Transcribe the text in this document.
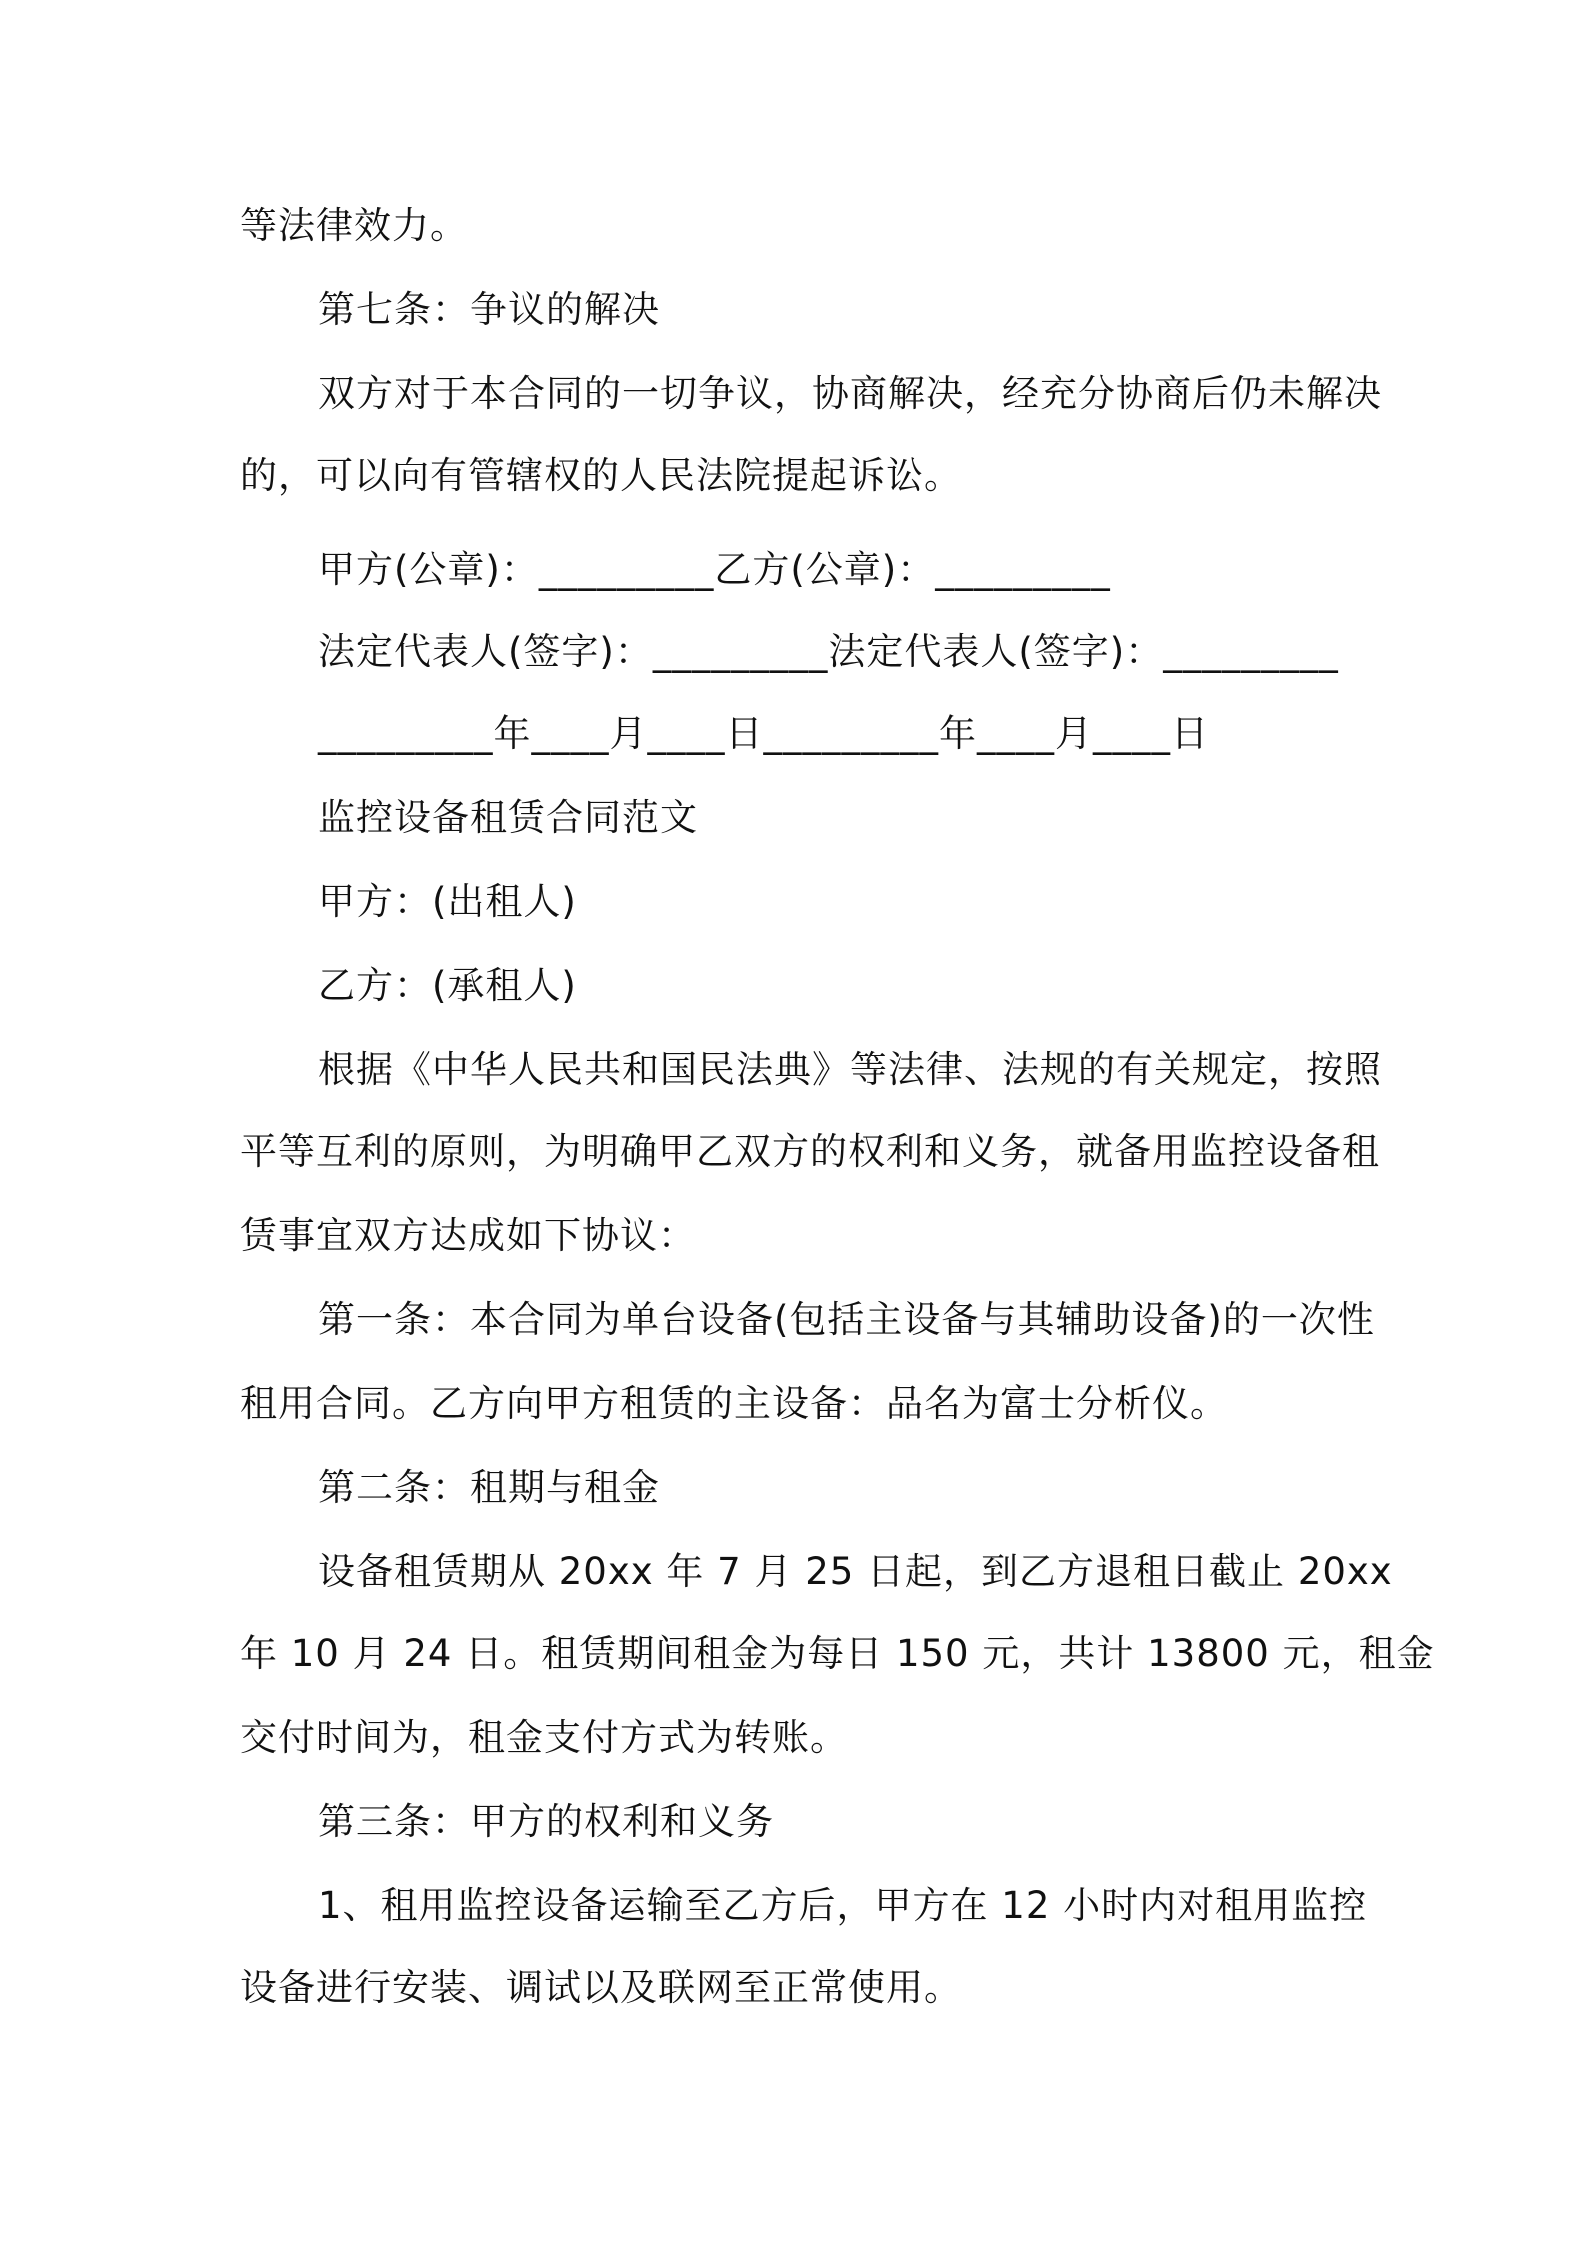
等法律效力。
第七条：争议的解决
双方对于本合同的一切争议，协商解决，经充分协商后仍未解决
的，可以向有管辖权的人民法院提起诉讼。
甲方(公章)：_________乙方(公章)：_________
法定代表人(签字)：_________法定代表人(签字)：_________
_________年____月____日_________年____月____日
监控设备租赁合同范文
甲方：(出租人)
乙方：(承租人)
根据《中华人民共和国民法典》等法律、法规的有关规定，按照
平等互利的原则，为明确甲乙双方的权利和义务，就备用监控设备租
赁事宜双方达成如下协议：
第一条：本合同为单台设备(包括主设备与其辅助设备)的一次性
租用合同。乙方向甲方租赁的主设备：品名为富士分析仪。
第二条：租期与租金
设备租赁期从 20xx 年 7 月 25 日起，到乙方退租日截止 20xx
年 10 月 24 日。租赁期间租金为每日 150 元，共计 13800 元，租金
交付时间为，租金支付方式为转账。
第三条：甲方的权利和义务
1、租用监控设备运输至乙方后，甲方在 12 小时内对租用监控
设备进行安装、调试以及联网至正常使用。
